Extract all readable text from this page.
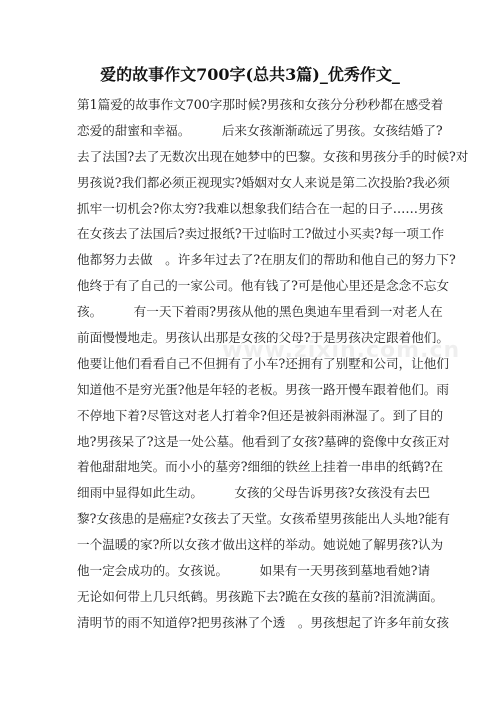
爱的故事作文700字(总共3篇)_优秀作文_
www.zixin.com.cn
第1篇爱的故事作文700字那时候?男孩和女孩分分秒秒都在感受着
恋爱的甜蜜和幸福。　　　后来女孩渐渐疏远了男孩。女孩结婚了?
去了法国?去了无数次出现在她梦中的巴黎。女孩和男孩分手的时候?对
男孩说?我们都必须正视现实?婚姻对女人来说是第二次投胎?我必须
抓牢一切机会?你太穷?我难以想象我们结合在一起的日子……男孩
在女孩去了法国后?卖过报纸?干过临时工?做过小买卖?每一项工作
他都努力去做　。许多年过去了?在朋友们的帮助和他自己的努力下?
他终于有了自己的一家公司。他有钱了?可是他心里还是念念不忘女
孩。　　　有一天下着雨?男孩从他的黑色奥迪车里看到一对老人在
前面慢慢地走。男孩认出那是女孩的父母?于是男孩决定跟着他们。
他要让他们看看自己不但拥有了小车?还拥有了别墅和公司，让他们
知道他不是穷光蛋?他是年轻的老板。男孩一路开慢车跟着他们。雨
不停地下着?尽管这对老人打着伞?但还是被斜雨淋湿了。到了目的
地?男孩呆了?这是一处公墓。他看到了女孩?墓碑的瓷像中女孩正对
着他甜甜地笑。而小小的墓旁?细细的铁丝上挂着一串串的纸鹤?在
细雨中显得如此生动。　　　女孩的父母告诉男孩?女孩没有去巴
黎?女孩患的是癌症?女孩去了天堂。女孩希望男孩能出人头地?能有
一个温暖的家?所以女孩才做出这样的举动。她说她了解男孩?认为
他一定会成功的。女孩说。　　　如果有一天男孩到墓地看她?请
无论如何带上几只纸鹤。男孩跪下去?跪在女孩的墓前?泪流满面。
清明节的雨不知道停?把男孩淋了个透　。男孩想起了许多年前女孩
